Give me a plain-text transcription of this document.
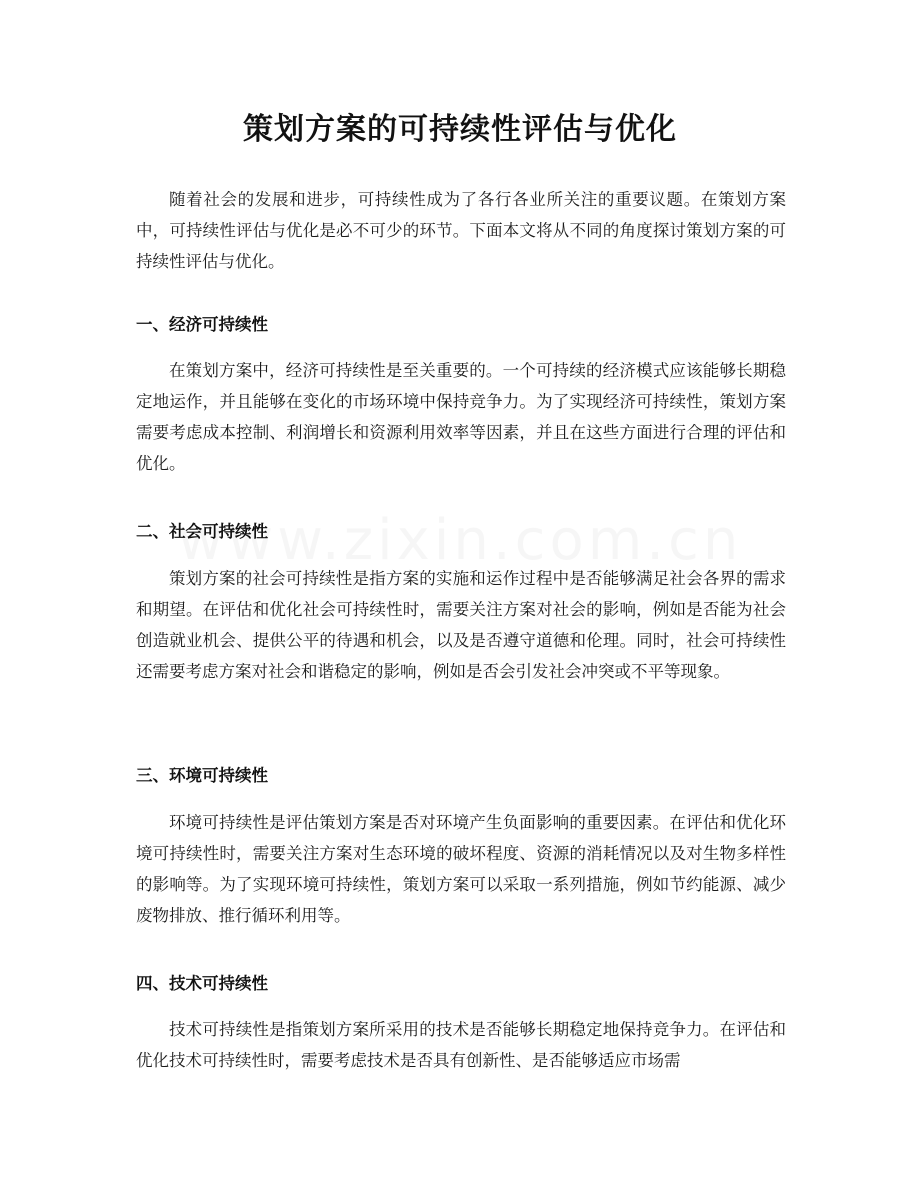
策划方案的可持续性评估与优化

随着社会的发展和进步，可持续性成为了各行各业所关注的重要议题。在策划方案中，可持续性评估与优化是必不可少的环节。下面本文将从不同的角度探讨策划方案的可持续性评估与优化。

一、经济可持续性

在策划方案中，经济可持续性是至关重要的。一个可持续的经济模式应该能够长期稳定地运作，并且能够在变化的市场环境中保持竞争力。为了实现经济可持续性，策划方案需要考虑成本控制、利润增长和资源利用效率等因素，并且在这些方面进行合理的评估和优化。

二、社会可持续性

策划方案的社会可持续性是指方案的实施和运作过程中是否能够满足社会各界的需求和期望。在评估和优化社会可持续性时，需要关注方案对社会的影响，例如是否能为社会创造就业机会、提供公平的待遇和机会，以及是否遵守道德和伦理。同时，社会可持续性还需要考虑方案对社会和谐稳定的影响，例如是否会引发社会冲突或不平等现象。

三、环境可持续性

环境可持续性是评估策划方案是否对环境产生负面影响的重要因素。在评估和优化环境可持续性时，需要关注方案对生态环境的破坏程度、资源的消耗情况以及对生物多样性的影响等。为了实现环境可持续性，策划方案可以采取一系列措施，例如节约能源、减少废物排放、推行循环利用等。

四、技术可持续性

技术可持续性是指策划方案所采用的技术是否能够长期稳定地保持竞争力。在评估和优化技术可持续性时，需要考虑技术是否具有创新性、是否能够适应市场需
